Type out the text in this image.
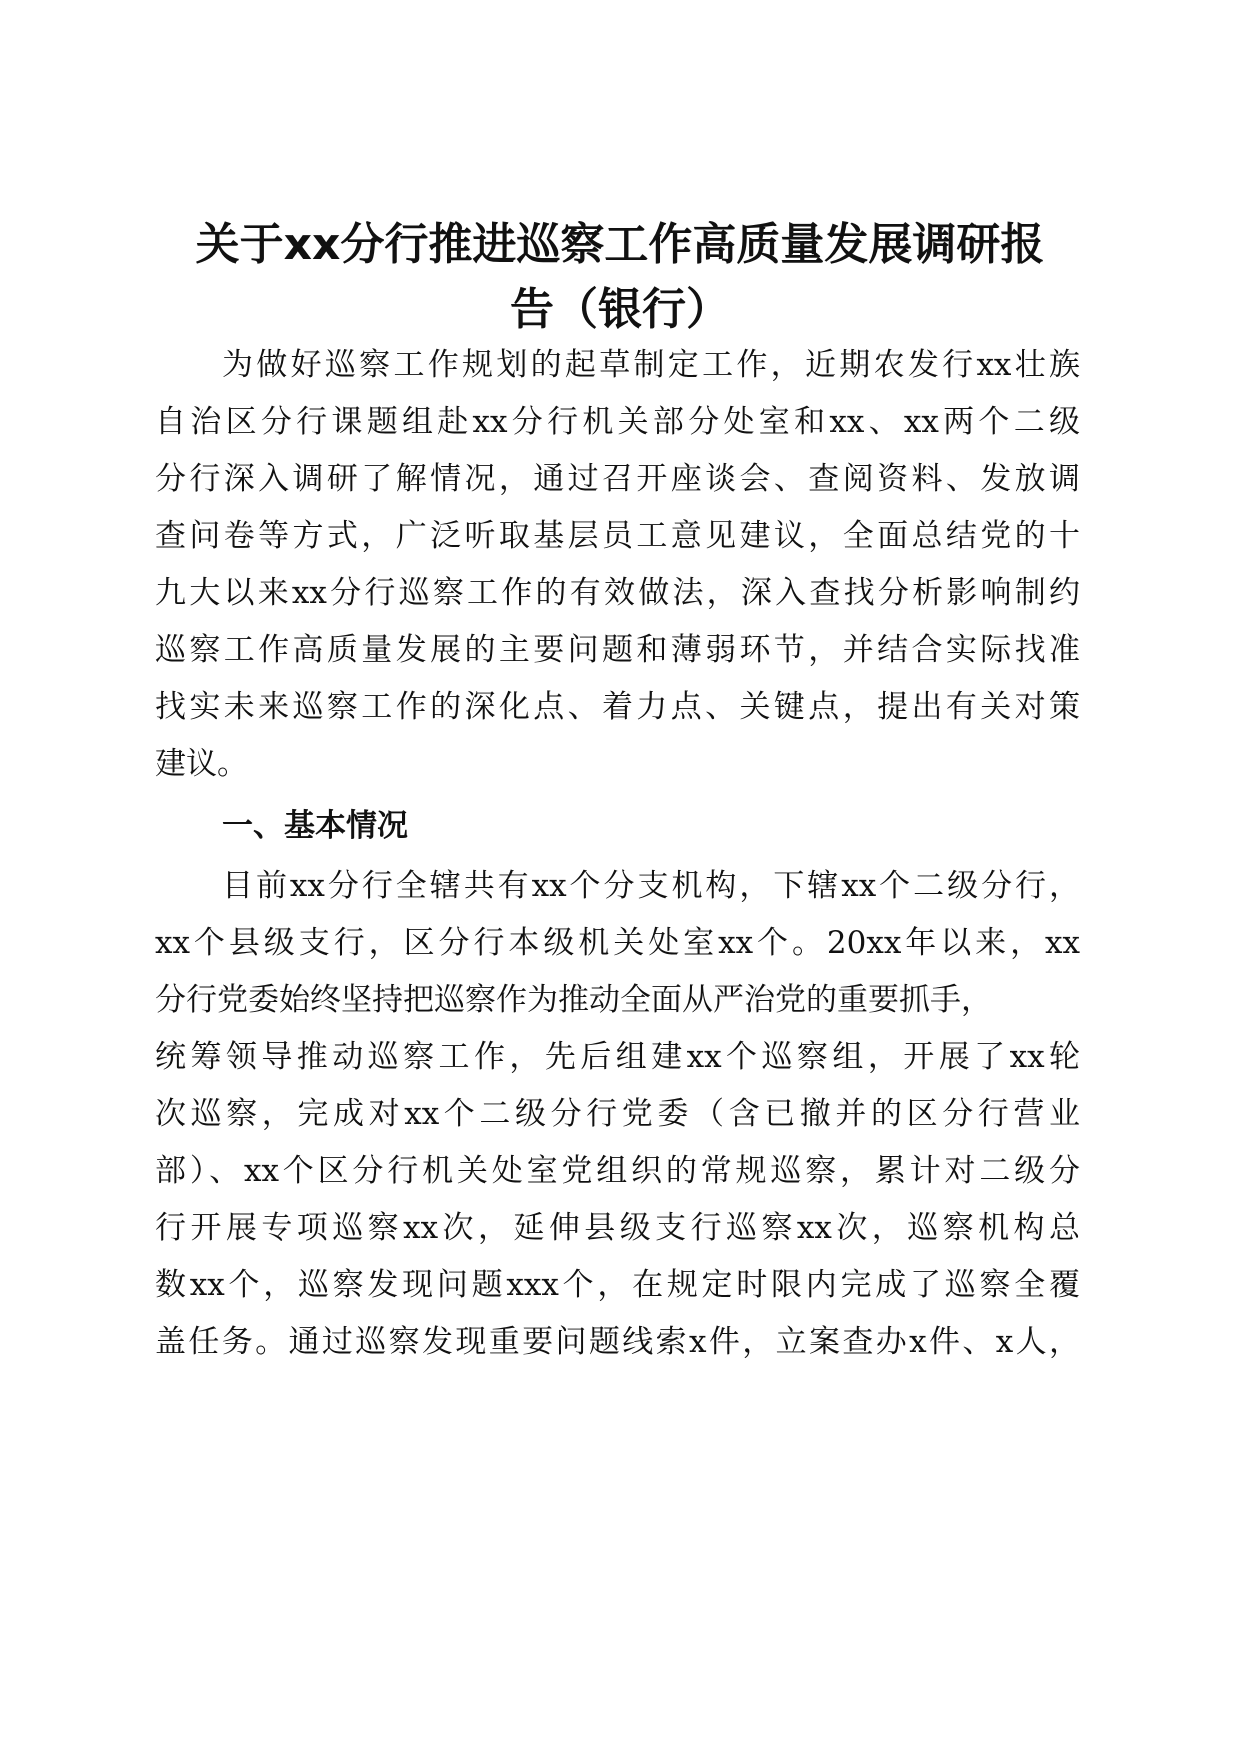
关于xx分行推进巡察工作高质量发展调研报
告（银行）

为做好巡察工作规划的起草制定工作，近期农发行xx壮族

自治区分行课题组赴xx分行机关部分处室和xx、xx两个二级

分行深入调研了解情况，通过召开座谈会、查阅资料、发放调

查问卷等方式，广泛听取基层员工意见建议，全面总结党的十

九大以来xx分行巡察工作的有效做法，深入查找分析影响制约

巡察工作高质量发展的主要问题和薄弱环节，并结合实际找准

找实未来巡察工作的深化点、着力点、关键点，提出有关对策

建议。

一、基本情况

目前xx分行全辖共有xx个分支机构，下辖xx个二级分行，

xx个县级支行，区分行本级机关处室xx个。20xx年以来，xx

分行党委始终坚持把巡察作为推动全面从严治党的重要抓手，

统筹领导推动巡察工作，先后组建xx个巡察组，开展了xx轮

次巡察，完成对xx个二级分行党委（含已撤并的区分行营业

部）、xx个区分行机关处室党组织的常规巡察，累计对二级分

行开展专项巡察xx次，延伸县级支行巡察xx次，巡察机构总

数xx个，巡察发现问题xxx个，在规定时限内完成了巡察全覆

盖任务。通过巡察发现重要问题线索x件，立案查办x件、x人，
